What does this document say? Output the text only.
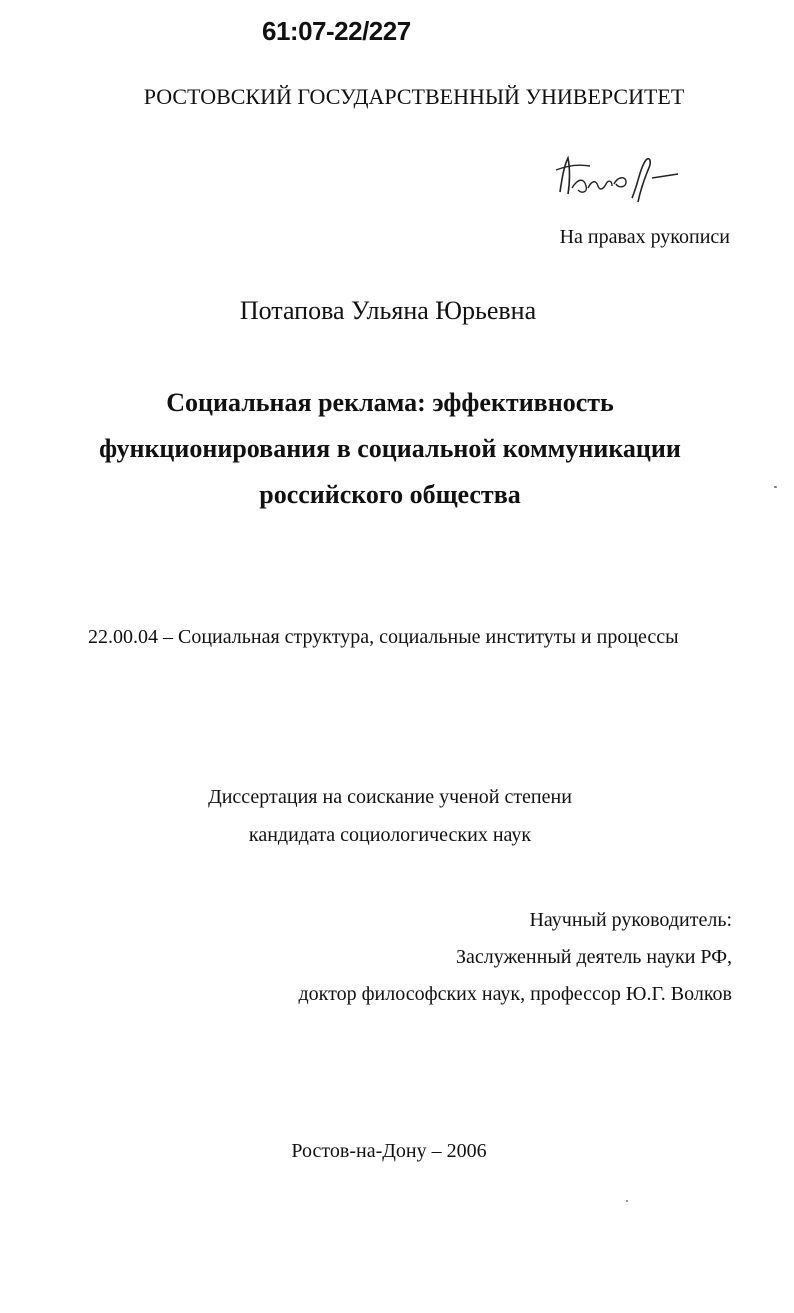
61:07-22/227
РОСТОВСКИЙ ГОСУДАРСТВЕННЫЙ УНИВЕРСИТЕТ
На правах рукописи
Потапова Ульяна Юрьевна
Социальная реклама: эффективность
функционирования в социальной коммуникации
российского общества
22.00.04 – Социальная структура, социальные институты и процессы
Диссертация на соискание ученой степени
кандидата социологических наук
Научный руководитель:
Заслуженный деятель науки РФ,
доктор философских наук, профессор Ю.Г. Волков
Ростов-на-Дону – 2006
